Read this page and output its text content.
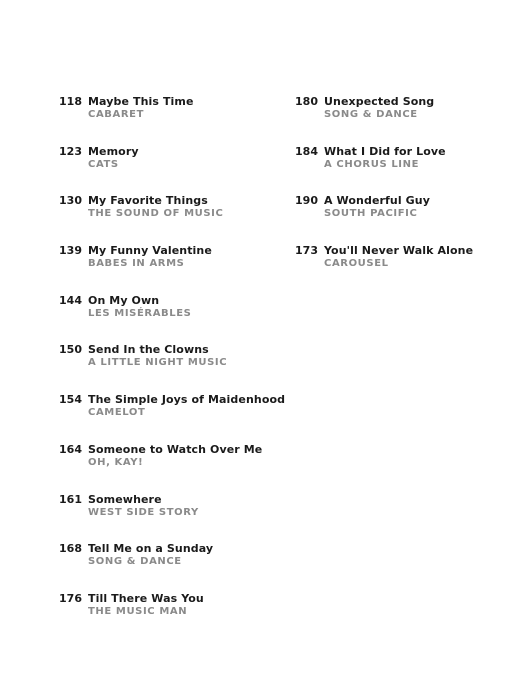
118 Maybe This Time
CABARET
123 Memory
CATS
130 My Favorite Things
THE SOUND OF MUSIC
139 My Funny Valentine
BABES IN ARMS
144 On My Own
LES MISÉRABLES
150 Send In the Clowns
A LITTLE NIGHT MUSIC
154 The Simple Joys of Maidenhood
CAMELOT
164 Someone to Watch Over Me
OH, KAY!
161 Somewhere
WEST SIDE STORY
168 Tell Me on a Sunday
SONG & DANCE
176 Till There Was You
THE MUSIC MAN
180 Unexpected Song
SONG & DANCE
184 What I Did for Love
A CHORUS LINE
190 A Wonderful Guy
SOUTH PACIFIC
173 You'll Never Walk Alone
CAROUSEL
